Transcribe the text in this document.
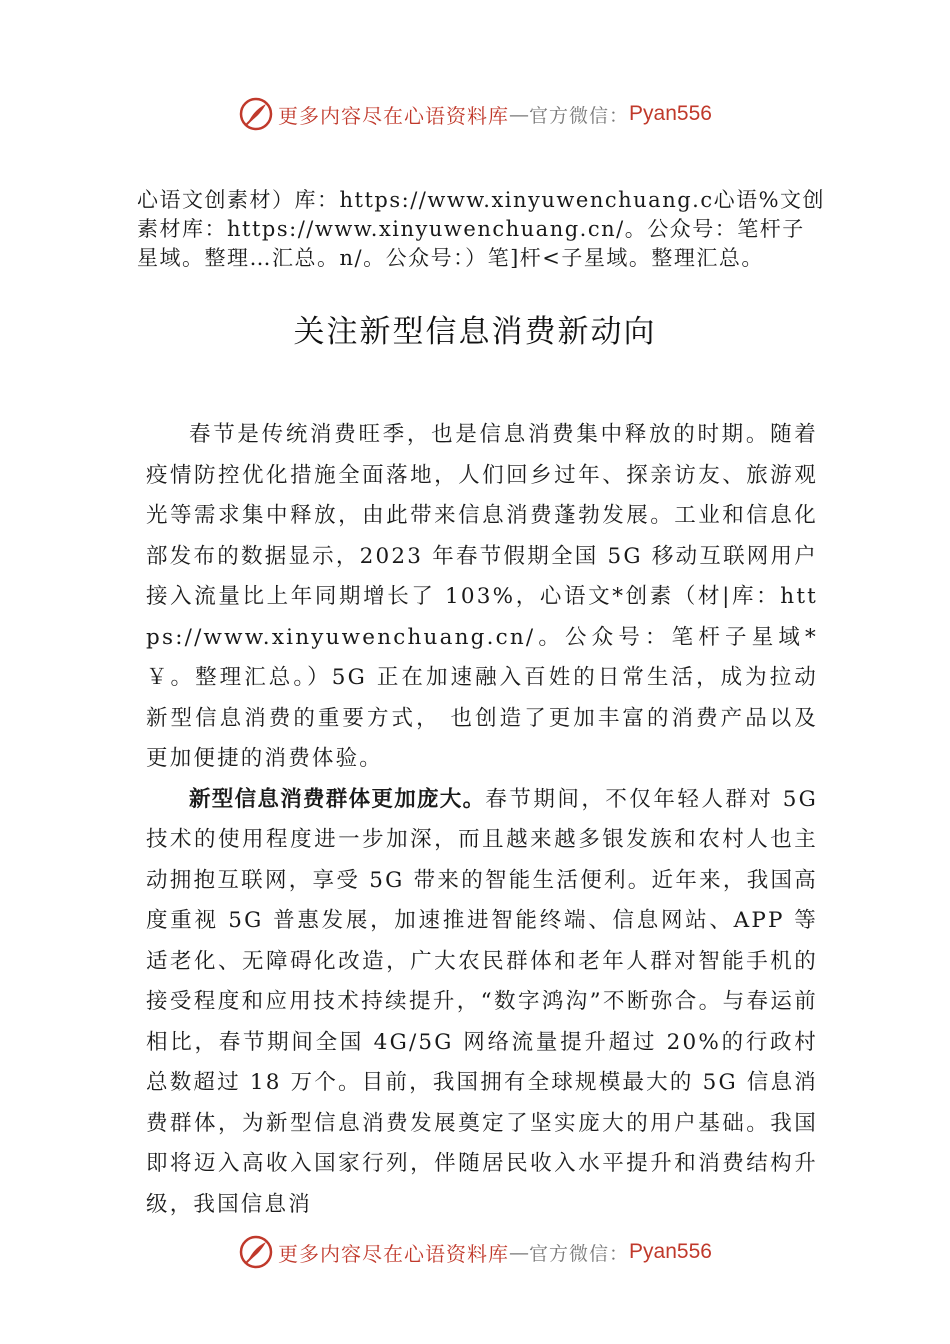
更多内容尽在心语资料库 — 官方微信： Pyan556
心语文创素材）库：https://www.xinyuwenchuang.c心语%文创素材库：https://www.xinyuwenchuang.cn/。公众号：笔杆子星域。整理…汇总。n/。公众号：）笔]杆<子星域。整理汇总。
关注新型信息消费新动向

春节是传统消费旺季，也是信息消费集中释放的时期。随着疫情防控优化措施全面落地，人们回乡过年、探亲访友、旅游观光等需求集中释放，由此带来信息消费蓬勃发展。工业和信息化部发布的数据显示，2023 年春节假期全国 5G 移动互联网用户接入流量比上年同期增长了 103%，心语文*创素（材|库：https://www.xinyuwenchuang.cn/。公众号：笔杆子星域*￥。整理汇总。）5G 正在加速融入百姓的日常生活，成为拉动新型信息消费的重要方式， 也创造了更加丰富的消费产品以及更加便捷的消费体验。

新型信息消费群体更加庞大。春节期间，不仅年轻人群对 5G 技术的使用程度进一步加深，而且越来越多银发族和农村人也主动拥抱互联网，享受 5G 带来的智能生活便利。近年来，我国高度重视 5G 普惠发展，加速推进智能终端、信息网站、APP 等适老化、无障碍化改造，广大农民群体和老年人群对智能手机的接受程度和应用技术持续提升，“数字鸿沟”不断弥合。与春运前相比，春节期间全国 4G/5G 网络流量提升超过 20%的行政村总数超过 18 万个。目前，我国拥有全球规模最大的 5G 信息消费群体，为新型信息消费发展奠定了坚实庞大的用户基础。我国即将迈入高收入国家行列，伴随居民收入水平提升和消费结构升级，我国信息消

更多内容尽在心语资料库 — 官方微信： Pyan556
